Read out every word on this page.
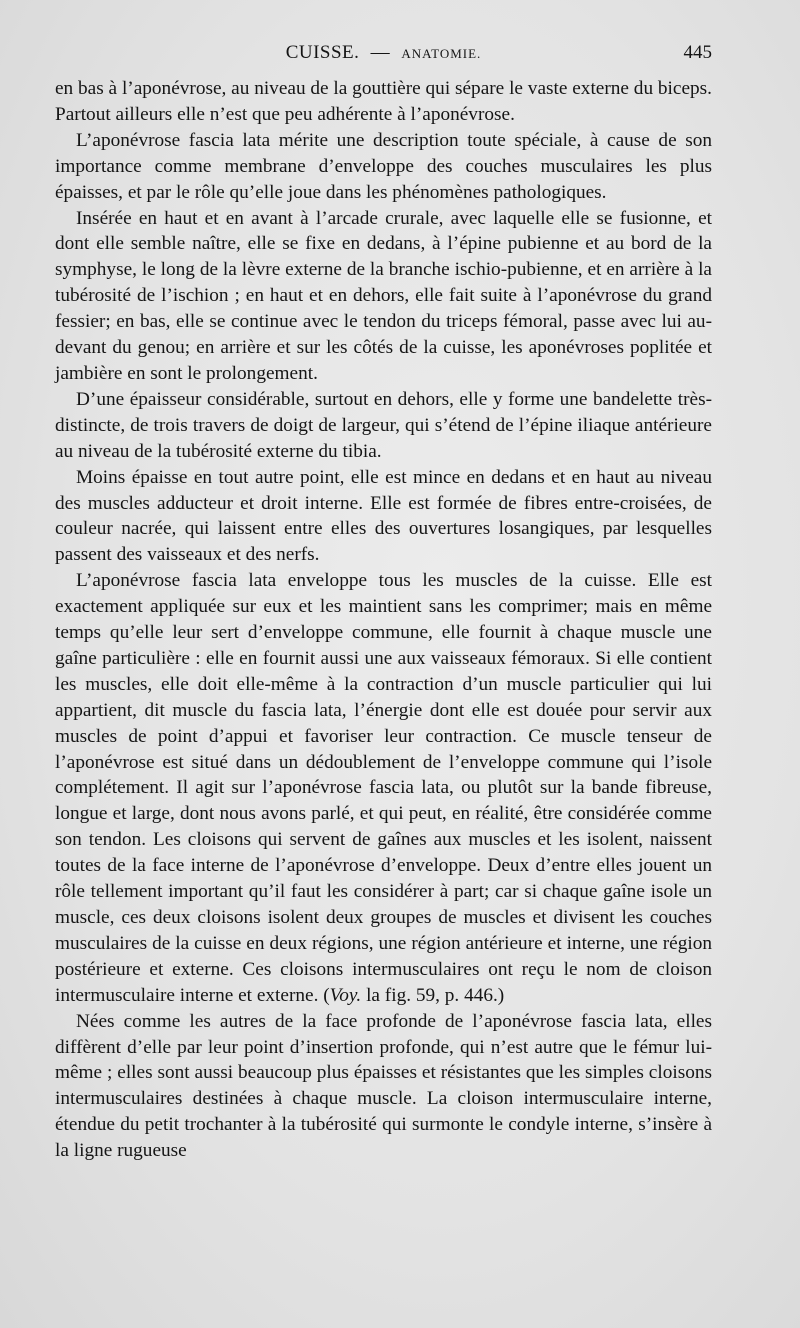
CUISSE. — ANATOMIE.	445

en bas à l’aponévrose, au niveau de la gouttière qui sépare le vaste externe du biceps. Partout ailleurs elle n’est que peu adhérente à l’aponévrose.

L’aponévrose fascia lata mérite une description toute spéciale, à cause de son importance comme membrane d’enveloppe des couches musculaires les plus épaisses, et par le rôle qu’elle joue dans les phénomènes pathologiques.

Insérée en haut et en avant à l’arcade crurale, avec laquelle elle se fusionne, et dont elle semble naître, elle se fixe en dedans, à l’épine pubienne et au bord de la symphyse, le long de la lèvre externe de la branche ischio-pubienne, et en arrière à la tubérosité de l’ischion ; en haut et en dehors, elle fait suite à l’aponévrose du grand fessier; en bas, elle se continue avec le tendon du triceps fémoral, passe avec lui au-devant du genou; en arrière et sur les côtés de la cuisse, les aponévroses poplitée et jambière en sont le prolongement.

D’une épaisseur considérable, surtout en dehors, elle y forme une bandelette très-distincte, de trois travers de doigt de largeur, qui s’étend de l’épine iliaque antérieure au niveau de la tubérosité externe du tibia.

Moins épaisse en tout autre point, elle est mince en dedans et en haut au niveau des muscles adducteur et droit interne. Elle est formée de fibres entre-croisées, de couleur nacrée, qui laissent entre elles des ouvertures losangiques, par lesquelles passent des vaisseaux et des nerfs.

L’aponévrose fascia lata enveloppe tous les muscles de la cuisse. Elle est exactement appliquée sur eux et les maintient sans les comprimer; mais en même temps qu’elle leur sert d’enveloppe commune, elle fournit à chaque muscle une gaîne particulière : elle en fournit aussi une aux vaisseaux fémoraux. Si elle contient les muscles, elle doit elle-même à la contraction d’un muscle particulier qui lui appartient, dit muscle du fascia lata, l’énergie dont elle est douée pour servir aux muscles de point d’appui et favoriser leur contraction. Ce muscle tenseur de l’aponévrose est situé dans un dédoublement de l’enveloppe commune qui l’isole complétement. Il agit sur l’aponévrose fascia lata, ou plutôt sur la bande fibreuse, longue et large, dont nous avons parlé, et qui peut, en réalité, être considérée comme son tendon. Les cloisons qui servent de gaînes aux muscles et les isolent, naissent toutes de la face interne de l’aponévrose d’enveloppe. Deux d’entre elles jouent un rôle tellement important qu’il faut les considérer à part; car si chaque gaîne isole un muscle, ces deux cloisons isolent deux groupes de muscles et divisent les couches musculaires de la cuisse en deux régions, une région antérieure et interne, une région postérieure et externe. Ces cloisons intermusculaires ont reçu le nom de cloison intermusculaire interne et externe. (Voy. la fig. 59, p. 446.)

Nées comme les autres de la face profonde de l’aponévrose fascia lata, elles diffèrent d’elle par leur point d’insertion profonde, qui n’est autre que le fémur lui-même ; elles sont aussi beaucoup plus épaisses et résistantes que les simples cloisons intermusculaires destinées à chaque muscle. La cloison intermusculaire interne, étendue du petit trochanter à la tubérosité qui surmonte le condyle interne, s’insère à la ligne rugueuse
